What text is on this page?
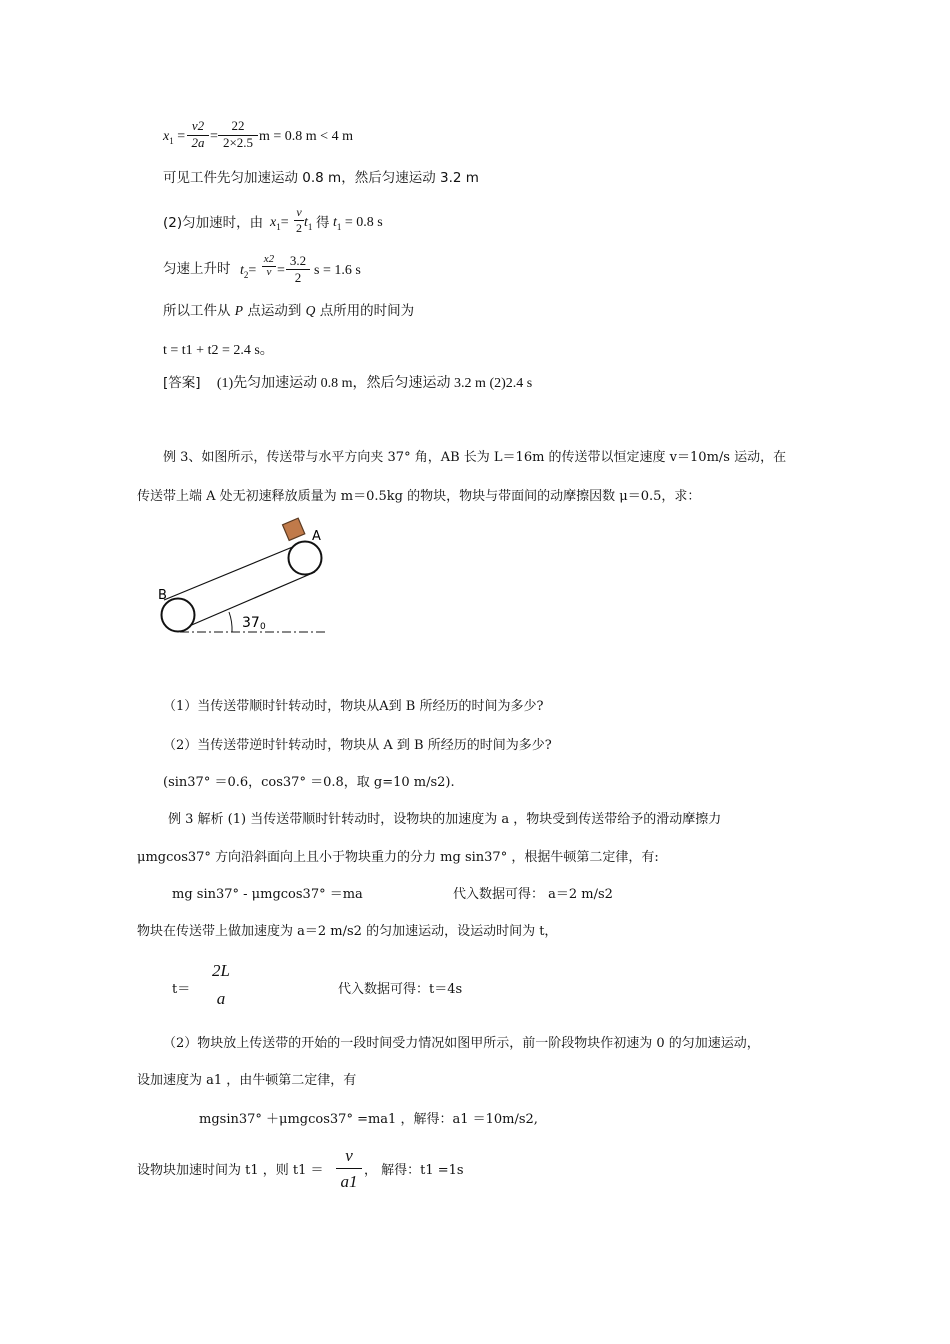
$x_1$ =
v2
2a =
22
2×2.5 m = 0.8 m < 4 m
可见工件先匀加速运动 0.8 m，然后匀速运动 3.2 m
(2)匀加速时，由 $x_1=$
v
2 $t_1$ 得 $t_1 = 0.8$ s
匀速上升时 $t_2=$
x2
v =
3.2
2 s = 1.6 s
所以工件从 P 点运动到 Q 点所用的时间为
t = t1 + t2 = 2.4 s。
[答案] (1)先匀加速运动 0.8 m，然后匀速运动 3.2 m (2)2.4 s
例 3、如图所示，传送带与水平方向夹 37° 角，AB 长为 L＝16m 的传送带以恒定速度 v＝10m/s 运动，在
传送带上端 A 处无初速释放质量为 m＝0.5kg 的物块，物块与带面间的动摩擦因数 μ＝0.5，求：
B
A
37 0
（1）当传送带顺时针转动时，物块从A到 B 所经历的时间为多少?
（2）当传送带逆时针转动时，物块从 A 到 B 所经历的时间为多少?
(sin37° ＝0.6，cos37° ＝0.8，取 g=10 m/s2).
例 3 解析 (1) 当传送带顺时针转动时，设物块的加速度为 a ，物块受到传送带给予的滑动摩擦力
μmgcos37° 方向沿斜面向上且小于物块重力的分力 mg sin37° ，根据牛顿第二定律，有:
mg sin37° - μmgcos37° ＝ma	代入数据可得： a＝2 m/s2
物块在传送带上做加速度为 a＝2 m/s2 的匀加速运动，设运动时间为 t，
t＝
2L
a	代入数据可得：t＝4s
（2）物块放上传送带的开始的一段时间受力情况如图甲所示，前一阶段物块作初速为 0 的匀加速运动，
设加速度为 a1 ，由牛顿第二定律，有
mgsin37° ＋μmgcos37° =ma1 ，解得：a1 ＝10m/s2,
设物块加速时间为 t1 ，则 t1 ＝
v
a1
， 解得：t1 =1s
